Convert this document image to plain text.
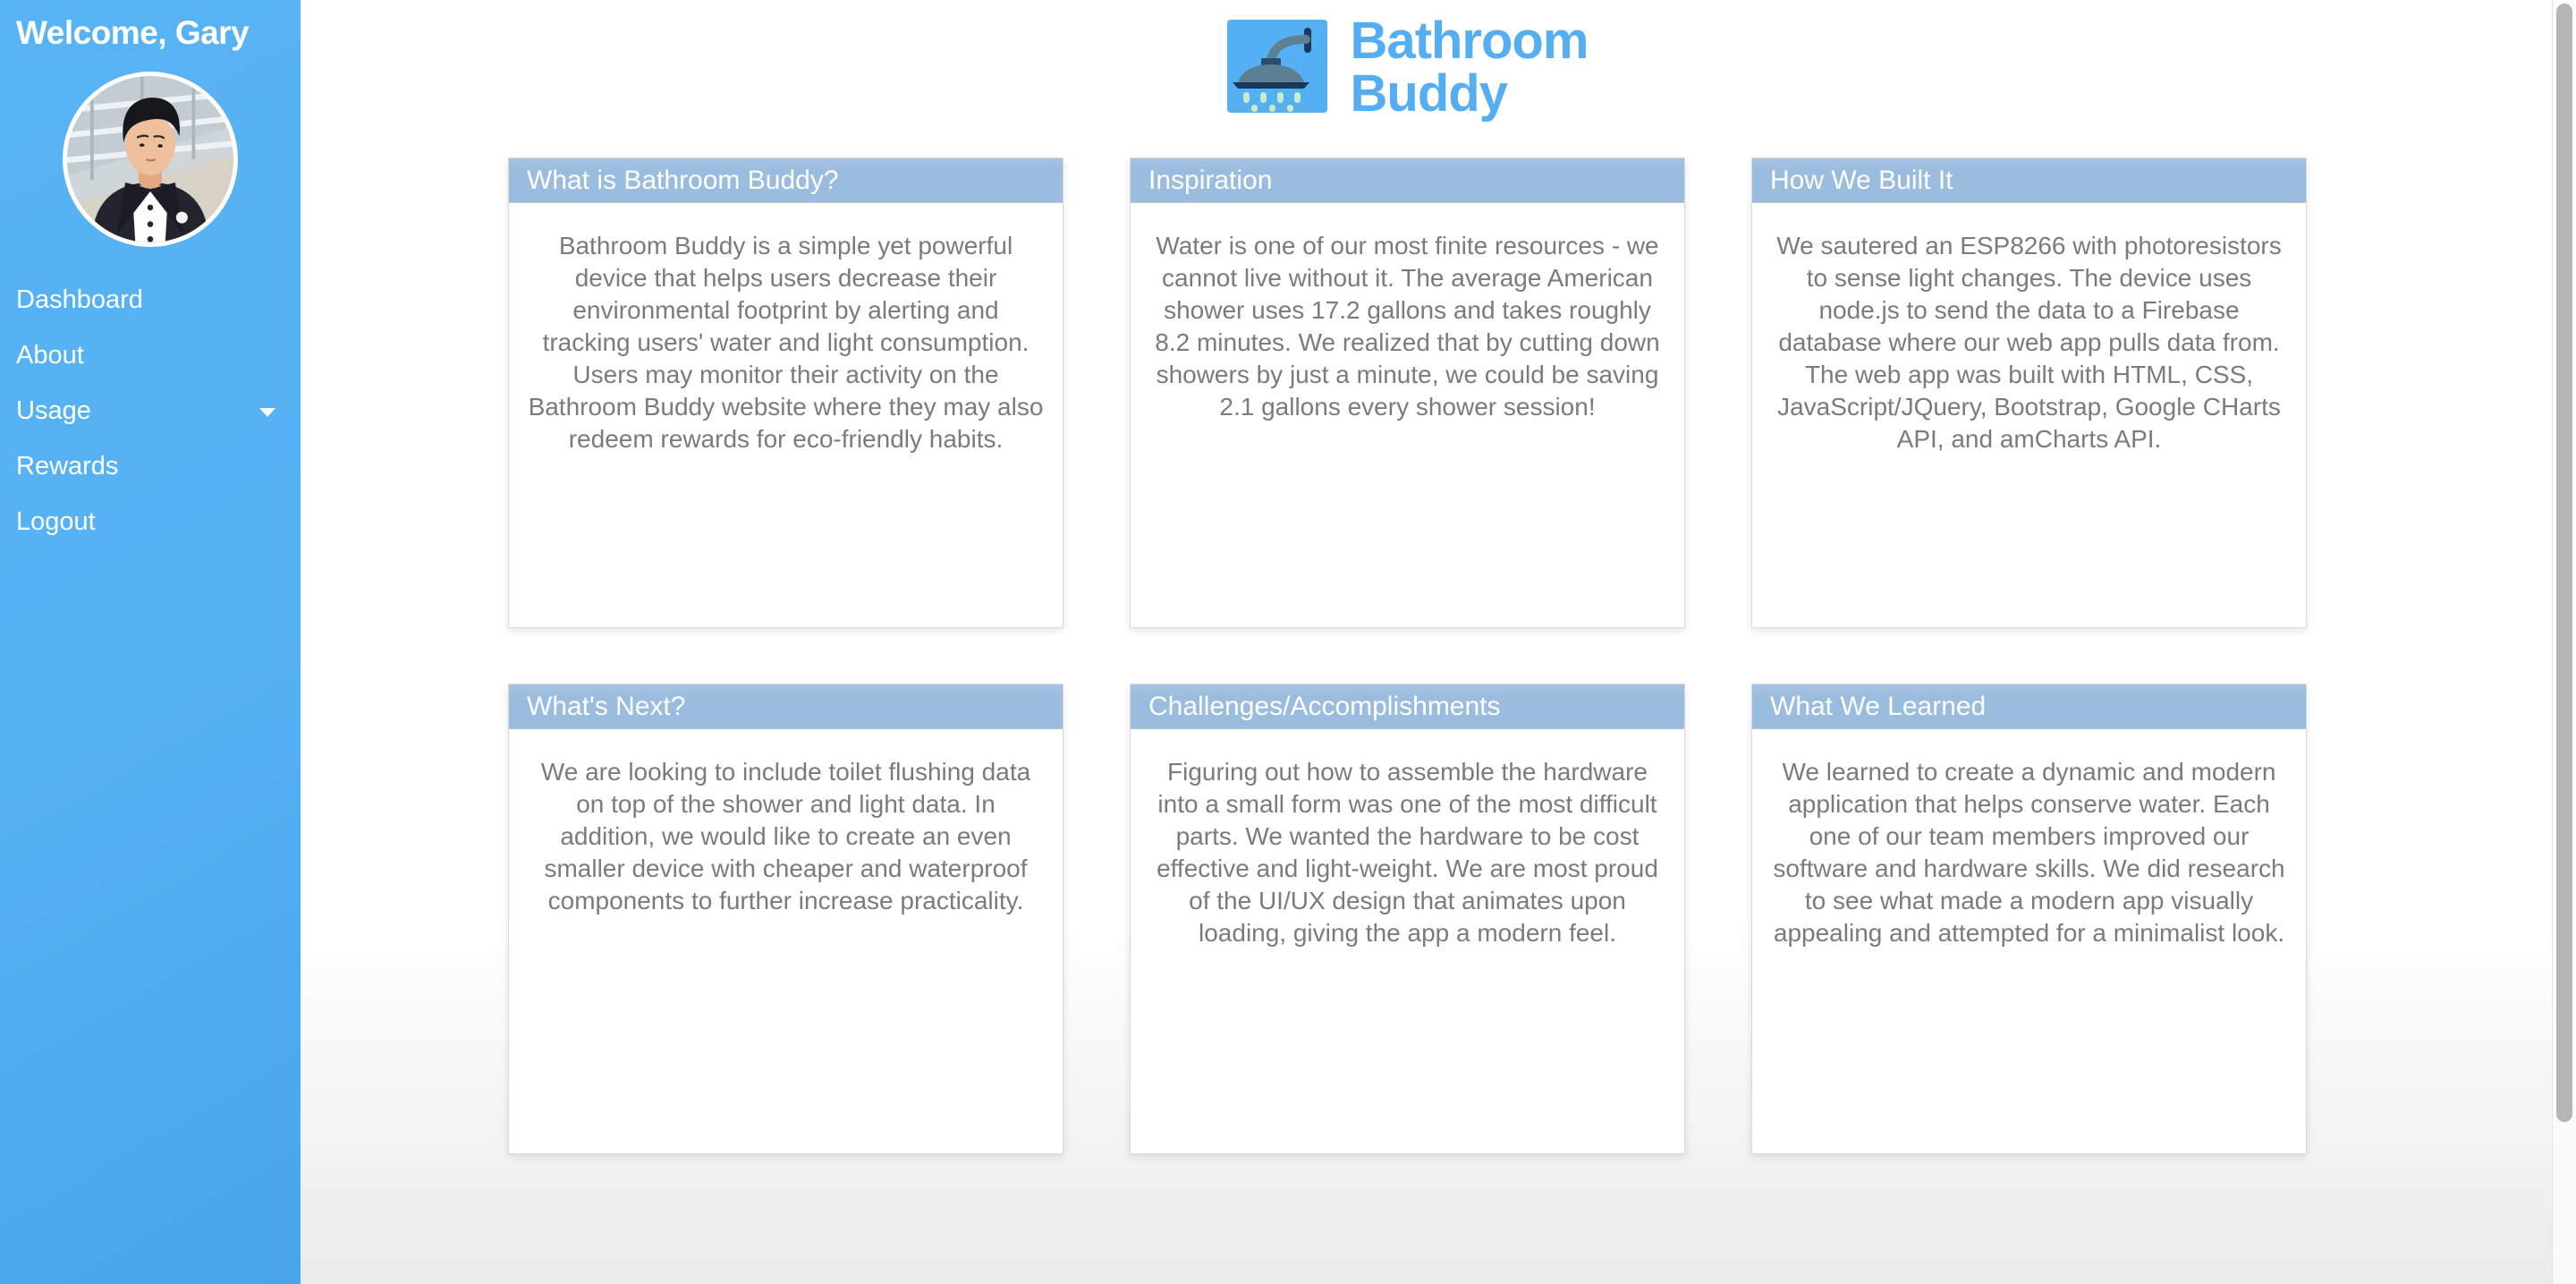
Welcome, Gary
Dashboard
About
Usage
Rewards
Logout
Bathroom
Buddy
What is Bathroom Buddy?
Bathroom Buddy is a simple yet powerful device that helps users decrease their environmental footprint by alerting and tracking users' water and light consumption. Users may monitor their activity on the Bathroom Buddy website where they may also redeem rewards for eco-friendly habits.
Inspiration
Water is one of our most finite resources - we cannot live without it. The average American shower uses 17.2 gallons and takes roughly 8.2 minutes. We realized that by cutting down showers by just a minute, we could be saving 2.1 gallons every shower session!
How We Built It
We sautered an ESP8266 with photoresistors to sense light changes. The device uses node.js to send the data to a Firebase database where our web app pulls data from. The web app was built with HTML, CSS, JavaScript/JQuery, Bootstrap, Google CHarts API, and amCharts API.
What's Next?
We are looking to include toilet flushing data on top of the shower and light data. In addition, we would like to create an even smaller device with cheaper and waterproof components to further increase practicality.
Challenges/Accomplishments
Figuring out how to assemble the hardware into a small form was one of the most difficult parts. We wanted the hardware to be cost effective and light-weight. We are most proud of the UI/UX design that animates upon loading, giving the app a modern feel.
What We Learned
We learned to create a dynamic and modern application that helps conserve water. Each one of our team members improved our software and hardware skills. We did research to see what made a modern app visually appealing and attempted for a minimalist look.
